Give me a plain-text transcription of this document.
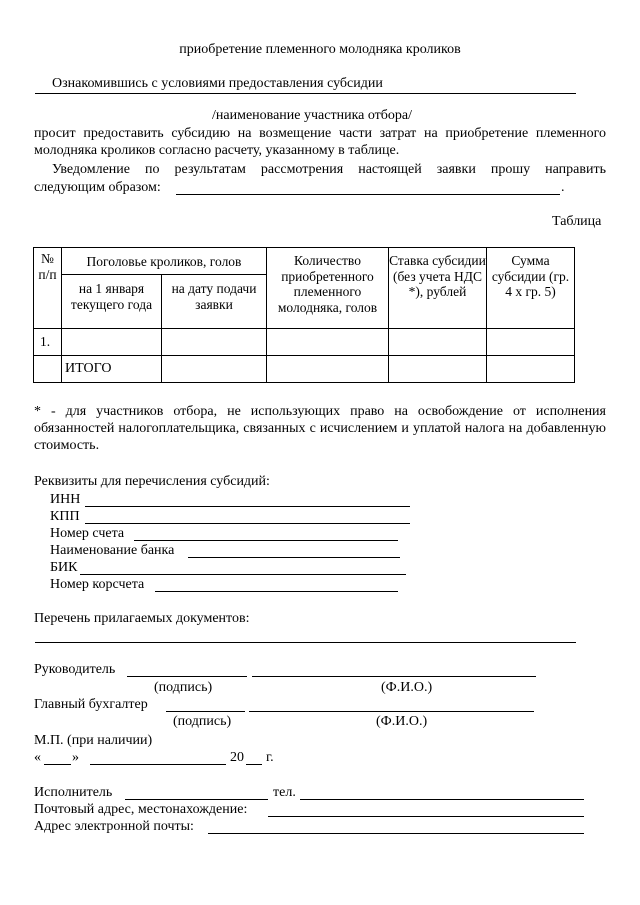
приобретение племенного молодняка кроликов
Ознакомившись с условиями предоставления субсидии
/наименование участника отбора/
просит предоставить субсидию на возмещение части затрат на приобретение племенного молодняка кроликов согласно расчету, указанному в таблице.
Уведомление по результатам рассмотрения настоящей заявки прошу направить
следующим образом:	.
Таблица
№ п/п	Поголовье кроликов, голов		Количество приобретенного племенного молодняка, голов	Ставка субсидии (без учета НДС *), рублей	Сумма субсидии (гр. 4 х гр. 5)
	на 1 января текущего года	на дату подачи заявки			
1.					
	ИТОГО				
* - для участников отбора, не использующих право на освобождение от исполнения обязанностей налогоплательщика, связанных с исчислением и уплатой налога на добавленную стоимость.
Реквизиты для перечисления субсидий:
ИНН
КПП
Номер счета
Наименование банка
БИК
Номер корсчета
Перечень прилагаемых документов:
Руководитель
(подпись)	(Ф.И.О.)
Главный бухгалтер
(подпись)	(Ф.И.О.)
М.П. (при наличии)
« »	20 г.
Исполнитель	тел.
Почтовый адрес, местонахождение:
Адрес электронной почты:
